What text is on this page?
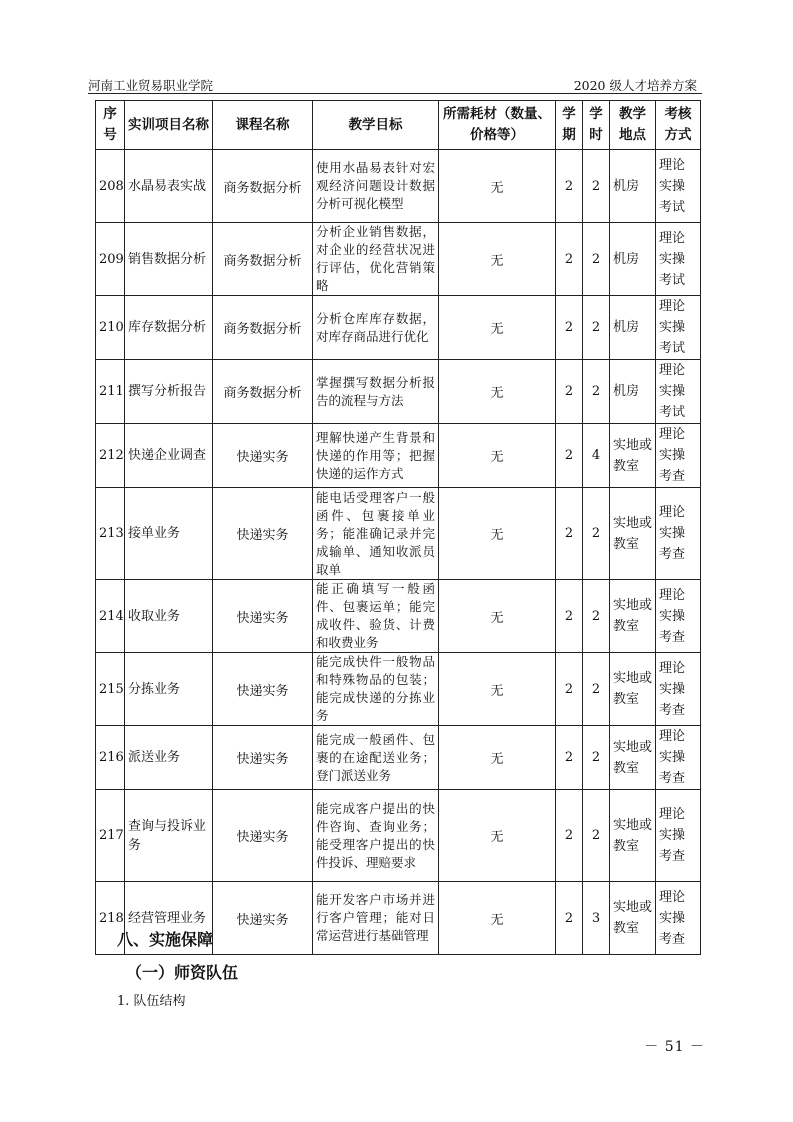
河南工业贸易职业学院	2020 级人才培养方案
序号	实训项目名称	课程名称	教学目标	所需耗材（数量、价格等）	学期	学时	教学地点	考核方式
208	水晶易表实战	商务数据分析	使用水晶易表针对宏观经济问题设计数据分析可视化模型	无	2	2	机房	理论实操考试
209	销售数据分析	商务数据分析	分析企业销售数据，对企业的经营状况进行评估，优化营销策略	无	2	2	机房	理论实操考试
210	库存数据分析	商务数据分析	分析仓库库存数据，对库存商品进行优化	无	2	2	机房	理论实操考试
211	撰写分析报告	商务数据分析	掌握撰写数据分析报告的流程与方法	无	2	2	机房	理论实操考试
212	快递企业调查	快递实务	理解快递产生背景和快递的作用等；把握快递的运作方式	无	2	4	实地或教室	理论实操考查
213	接单业务	快递实务	能电话受理客户一般函件、包裹接单业务；能准确记录并完成输单、通知收派员取单	无	2	2	实地或教室	理论实操考查
214	收取业务	快递实务	能正确填写一般函件、包裹运单；能完成收件、验货、计费和收费业务	无	2	2	实地或教室	理论实操考查
215	分拣业务	快递实务	能完成快件一般物品和特殊物品的包装； 能完成快递的分拣业务	无	2	2	实地或教室	理论实操考查
216	派送业务	快递实务	能完成一般函件、包裹的在途配送业务；登门派送业务	无	2	2	实地或教室	理论实操考查
217	查询与投诉业务	快递实务	能完成客户提出的快件咨询、查询业务；能受理客户提出的快件投诉、理赔要求	无	2	2	实地或教室	理论实操考查
218	经营管理业务	快递实务	能开发客户市场并进行客户管理；能对日常运营进行基础管理	无	2	3	实地或教室	理论实操考查
八、实施保障
（一）师资队伍
1. 队伍结构
－ 51 －
